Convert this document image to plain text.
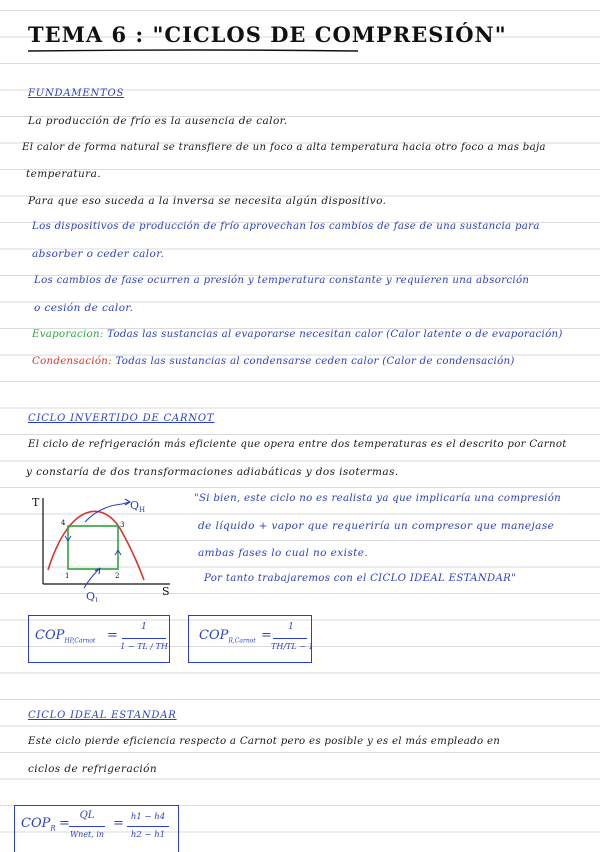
TEMA 6 : "CICLOS DE COMPRESIÓN"
FUNDAMENTOS
La producción de frío es la ausencia de calor.
El calor de forma natural se transfiere de un foco a alta temperatura hacia otro foco a mas baja
temperatura.
Para que eso suceda a la inversa se necesita algún dispositivo.
Los dispositivos de producción de frío aprovechan los cambios de fase de una sustancia para
absorber o ceder calor.
Los cambios de fase ocurren a presión y temperatura constante y requieren una absorción
o cesión de calor.
Evaporacion: Todas las sustancias al evaporarse necesitan calor (Calor latente o de evaporación)
Condensación: Todas las sustancias al condensarse ceden calor (Calor de condensación)
CICLO INVERTIDO DE CARNOT
El ciclo de refrigeración más eficiente que opera entre dos temperaturas es el descrito por Carnot
y constaría de dos transformaciones adiabáticas y dos isotermas.
T
S
4	3
1	2
$Q_H$
$Q_L$
"Si bien, este ciclo no es realista ya que implicaría una compresión
de líquido + vapor que requeriría un compresor que manejase
ambas fases lo cual no existe.
Por tanto trabajaremos con el CICLO IDEAL ESTANDAR"
$COP_{HP,Carnot}$ =
1
1 − TL / TH
$COP_{R,Carnot}$ =
1
TH/TL − 1
CICLO IDEAL ESTANDAR
Este ciclo pierde eficiencia respecto a Carnot pero es posible y es el más empleado en
ciclos de refrigeración
$COP_R$ =
QL
Wnet, in
= h1 − h4
h2 − h1
